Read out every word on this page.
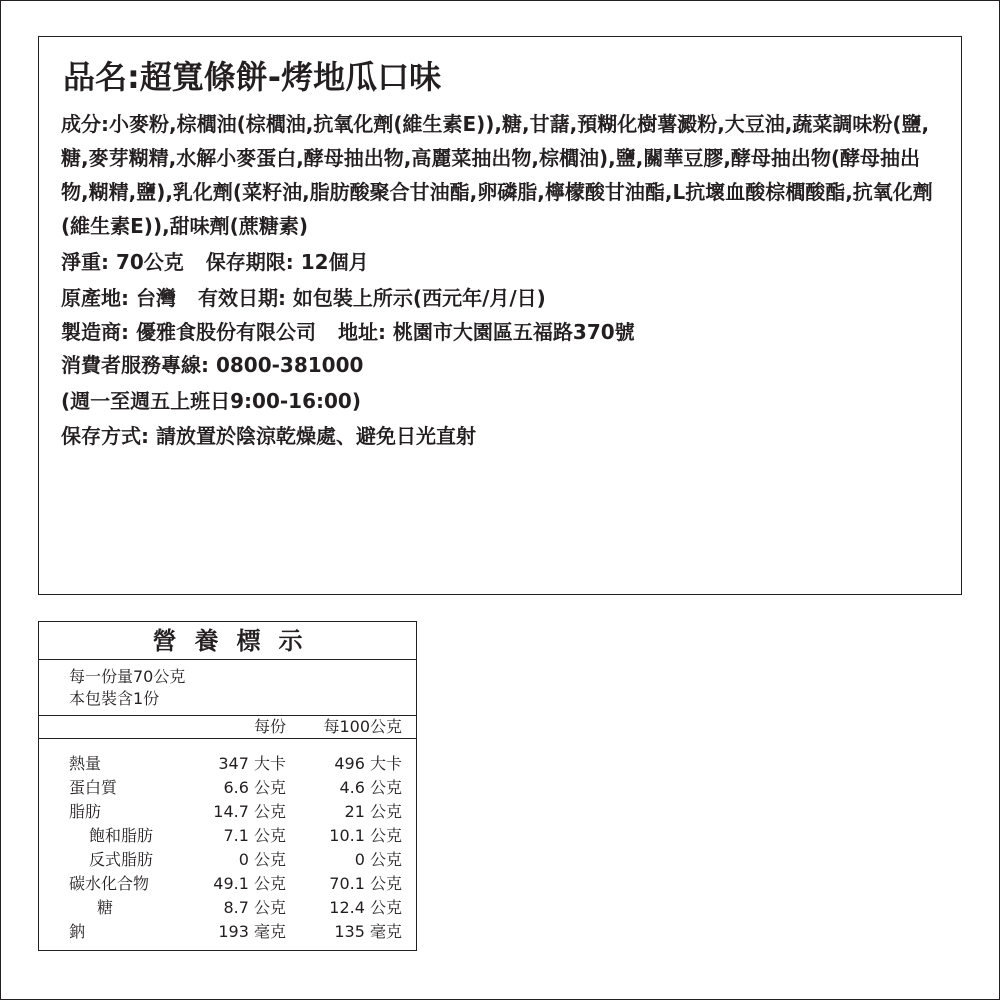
品名:超寬條餅-烤地瓜口味
成分:小麥粉,棕櫚油(棕櫚油,抗氧化劑(維生素E)),糖,甘藷,預糊化樹薯澱粉,大豆油,蔬菜調味粉(鹽,糖,麥芽糊精,水解小麥蛋白,酵母抽出物,高麗菜抽出物,棕櫚油),鹽,關華豆膠,酵母抽出物(酵母抽出物,糊精,鹽),乳化劑(菜籽油,脂肪酸聚合甘油酯,卵磷脂,檸檬酸甘油酯,L抗壞血酸棕櫚酸酯,抗氧化劑(維生素E)),甜味劑(蔗糖素)
淨重: 70公克 保存期限: 12個月
原產地: 台灣 有效日期: 如包裝上所示(西元年/月/日)
製造商: 優雅食股份有限公司 地址: 桃園市大園區五福路370號
消費者服務專線: 0800-381000
(週一至週五上班日9:00-16:00)
保存方式: 請放置於陰涼乾燥處、避免日光直射
營養標示
每一份量70公克
本包裝含1份
每份 每100公克
熱量	347 大卡	496 大卡
蛋白質	6.6 公克	4.6 公克
脂肪	14.7 公克	21 公克
飽和脂肪	7.1 公克	10.1 公克
反式脂肪	0 公克	0 公克
碳水化合物	49.1 公克	70.1 公克
糖	8.7 公克	12.4 公克
鈉	193 毫克	135 毫克
